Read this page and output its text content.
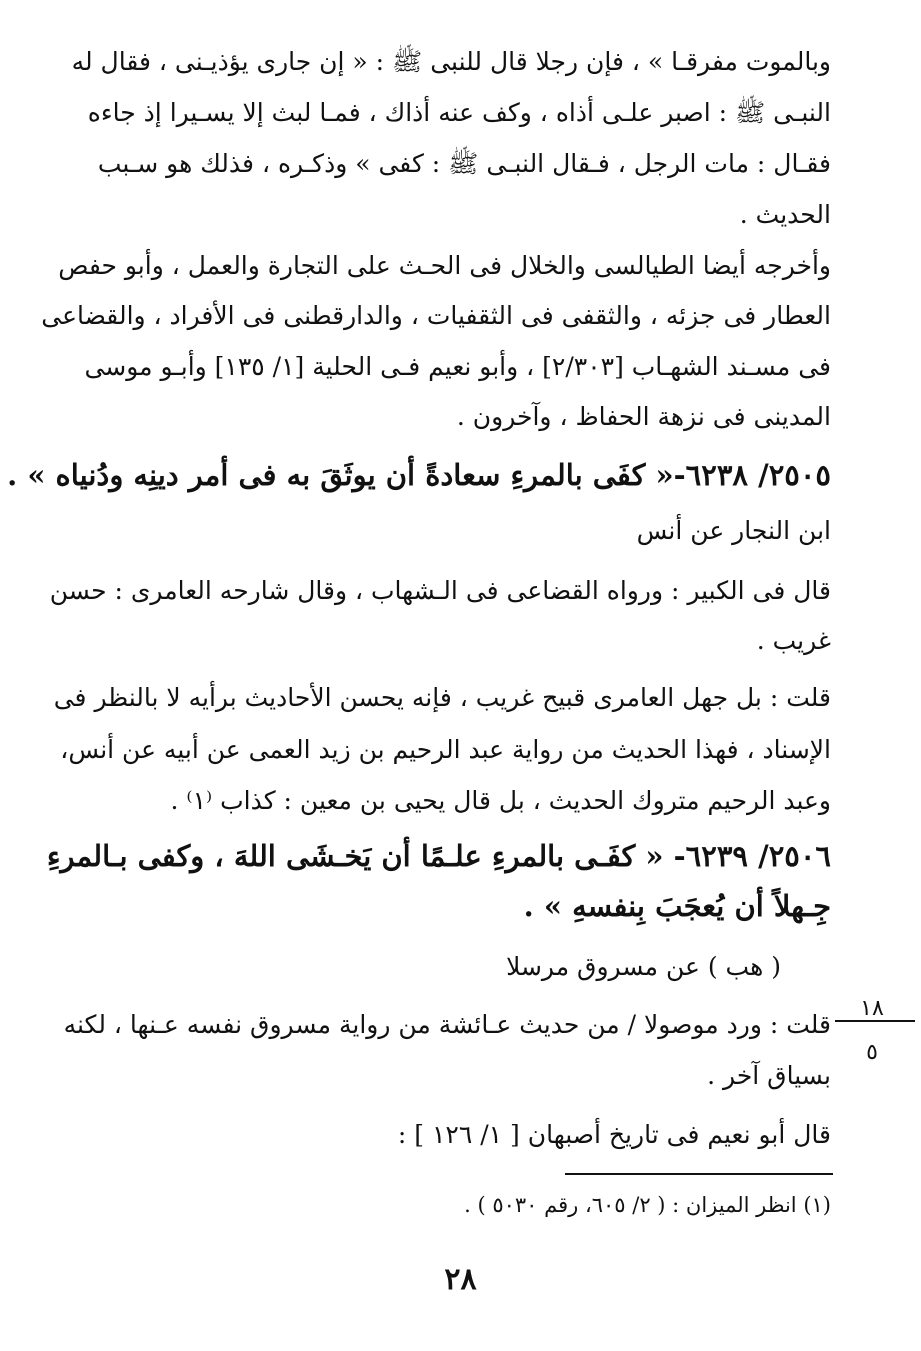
وبالموت مفرقـا » ، فإن رجلا قال للنبى ﷺ : « إن جارى يؤذيـنى ، فقال له
النبـى ﷺ : اصبر علـى أذاه ، وكف عنه أذاك ، فمـا لبث إلا يسـيرا إذ جاءه
فقـال : مات الرجل ، فـقال النبـى ﷺ : كفى » وذكـره ، فذلك هو سـبب
الحديث .
وأخرجه أيضا الطيالسى والخلال فى الحـث على التجارة والعمل ، وأبو حفص
العطار فى جزئه ، والثقفى فى الثقفيات ، والدارقطنى فى الأفراد ، والقضاعى
فى مسـند الشهـاب [٢/٣٠٣] ، وأبو نعيم فـى الحلية [١/ ١٣٥] وأبـو موسى
المدينى فى نزهة الحفاظ ، وآخرون .
٢٥٠٥/ ٦٢٣٨-« كفَى بالمرءِ سعادةً أن يوثَقَ به فى أمر دينِه ودُنياه » .
ابن النجار عن أنس
قال فى الكبير : ورواه القضاعى فى الـشهاب ، وقال شارحه العامرى : حسن
غريب .
قلت : بل جهل العامرى قبيح غريب ، فإنه يحسن الأحاديث برأيه لا بالنظر فى
الإسناد ، فهذا الحديث من رواية عبد الرحيم بن زيد العمى عن أبيه عن أنس،
وعبد الرحيم متروك الحديث ، بل قال يحيى بن معين : كذاب ⁽١⁾ .
٢٥٠٦/ ٦٢٣٩- « كفَـى بالمرءِ علـمًا أن يَخـشَى اللهَ ، وكفى بـالمرءِ
جِـهلاً أن يُعجَبَ بِنفسهِ » .
( هب ) عن مسروق مرسلا
قلت : ورد موصولا / من حديث عـائشة من رواية مسروق نفسه عـنها ، لكنه
بسياق آخر .
قال أبو نعيم فى تاريخ أصبهان [ ١/ ١٢٦ ] :
١٨
٥
(١) انظر الميزان : ( ٢/ ٦٠٥، رقم ٥٠٣٠ ) .
٢٨
